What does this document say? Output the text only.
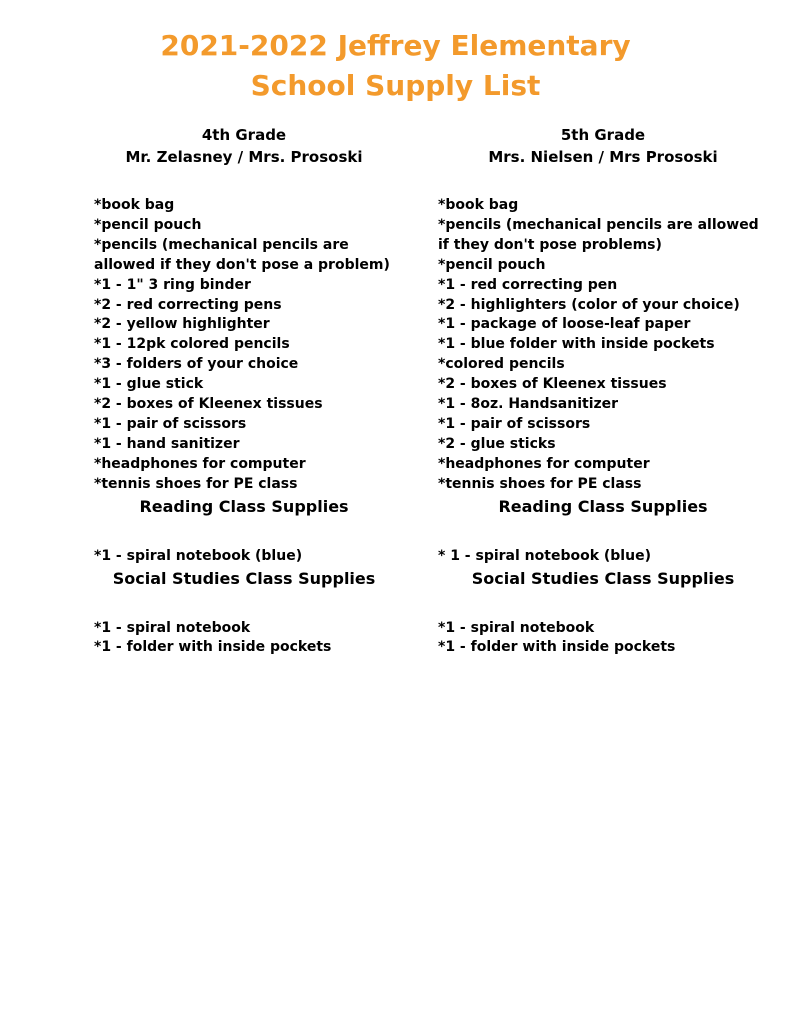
2021-2022 Jeffrey Elementary
School Supply List
4th Grade
Mr. Zelasney / Mrs. Prososki
*book bag
*pencil pouch
*pencils (mechanical pencils are allowed if they don't pose a problem)
*1 - 1" 3 ring binder
*2 - red correcting pens
*2 - yellow highlighter
*1 - 12pk colored pencils
*3 - folders of your choice
*1 - glue stick
*2 - boxes of Kleenex tissues
*1 - pair of scissors
*1 - hand sanitizer
*headphones for computer
*tennis shoes for PE class
Reading Class Supplies
*1 - spiral notebook (blue)
Social Studies Class Supplies
*1 - spiral notebook
*1 - folder with inside pockets
5th Grade
Mrs. Nielsen / Mrs Prososki
*book bag
*pencils (mechanical pencils are allowed if they don't pose problems)
*pencil pouch
*1 - red correcting pen
*2 - highlighters (color of your choice)
*1 - package of loose-leaf paper
*1 - blue folder with inside pockets
*colored pencils
*2 - boxes of Kleenex tissues
*1 - 8oz. Handsanitizer
*1 - pair of scissors
*2 - glue sticks
*headphones for computer
*tennis shoes for PE class
Reading Class Supplies
* 1 - spiral notebook (blue)
Social Studies Class Supplies
*1 - spiral notebook
*1 - folder with inside pockets
